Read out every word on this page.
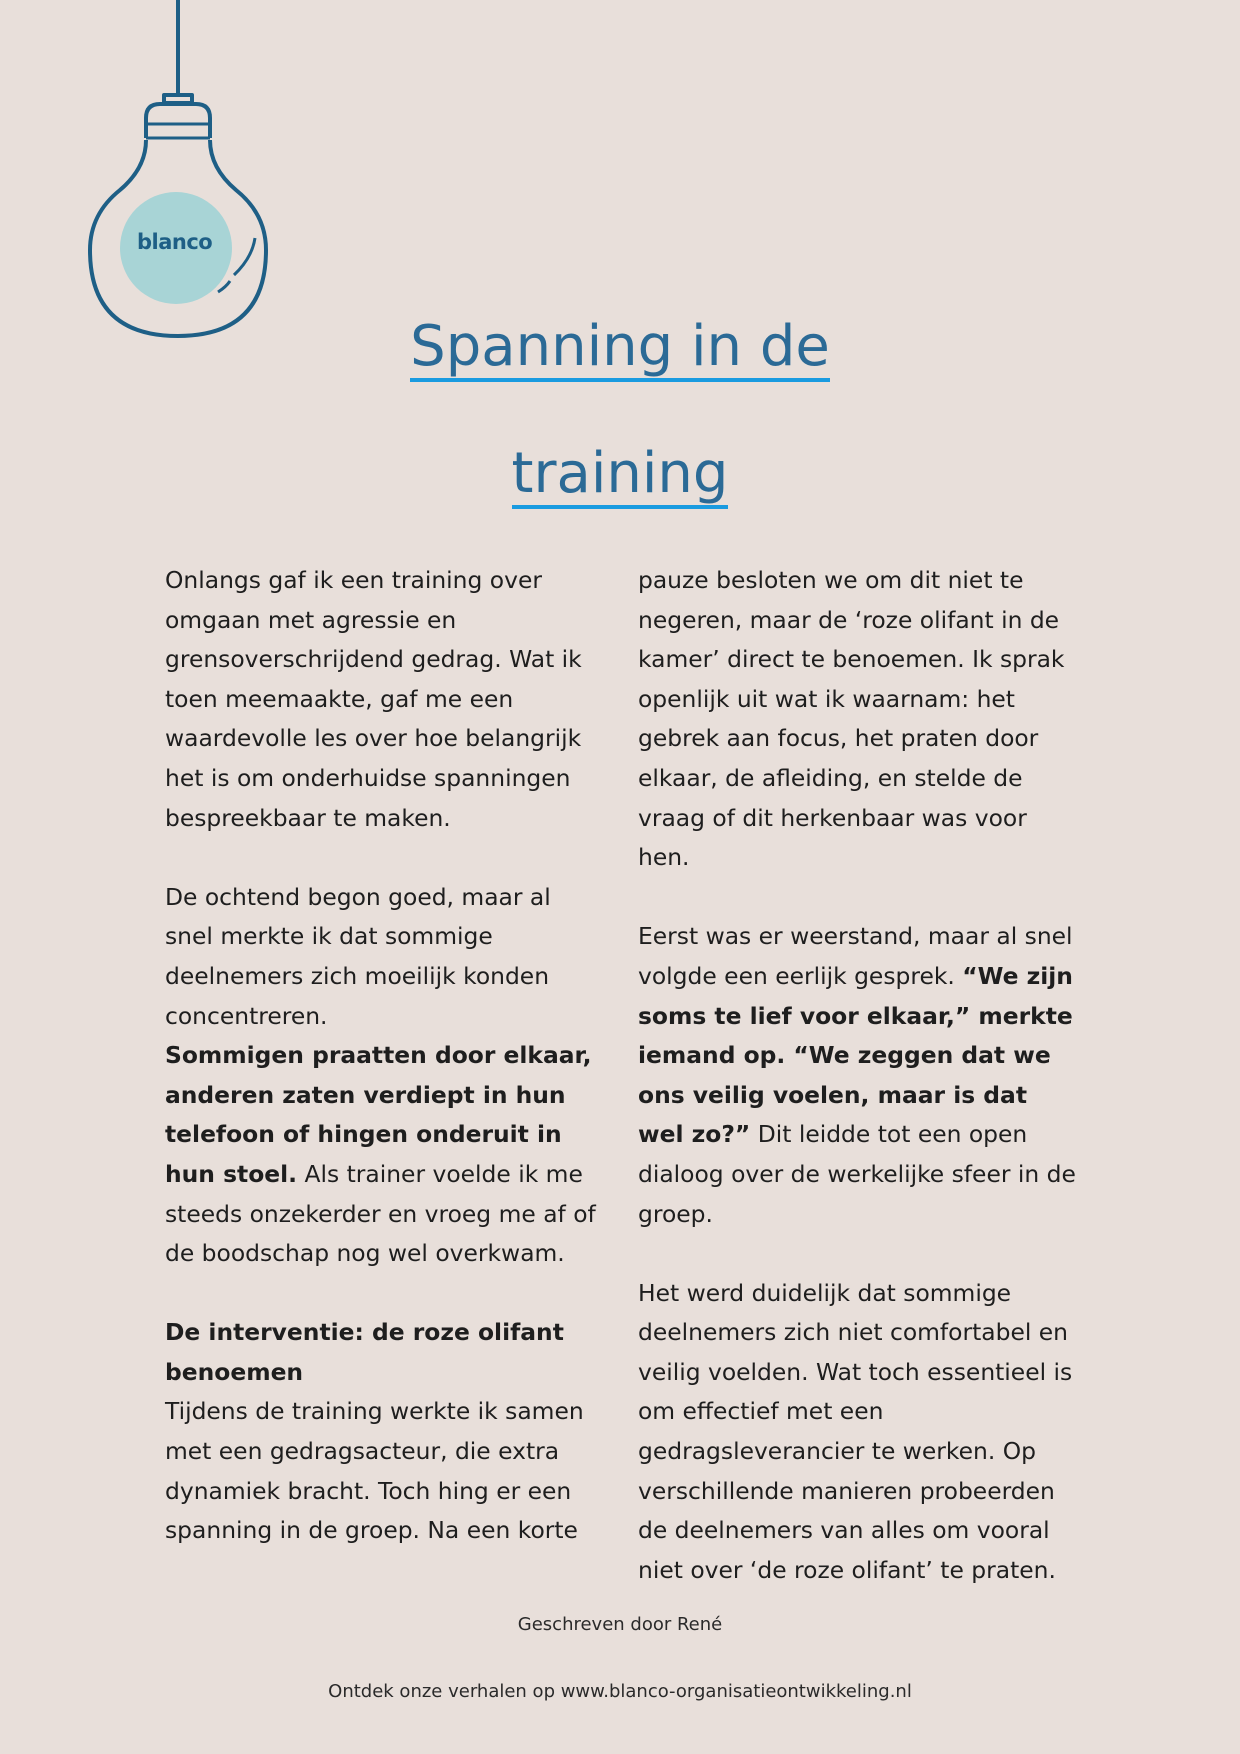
blanco
Spanning in de
training

Onlangs gaf ik een training over omgaan met agressie en grensoverschrijdend gedrag. Wat ik toen meemaakte, gaf me een waardevolle les over hoe belangrijk het is om onderhuidse spanningen bespreekbaar te maken.

De ochtend begon goed, maar al snel merkte ik dat sommige deelnemers zich moeilijk konden concentreren.
Sommigen praatten door elkaar, anderen zaten verdiept in hun telefoon of hingen onderuit in hun stoel. Als trainer voelde ik me steeds onzekerder en vroeg me af of de boodschap nog wel overkwam.

De interventie: de roze olifant benoemen

Tijdens de training werkte ik samen met een gedragsacteur, die extra dynamiek bracht. Toch hing er een spanning in de groep. Na een korte

pauze besloten we om dit niet te negeren, maar de ‘roze olifant in de kamer’ direct te benoemen. Ik sprak openlijk uit wat ik waarnam: het gebrek aan focus, het praten door elkaar, de afleiding, en stelde de vraag of dit herkenbaar was voor hen.

Eerst was er weerstand, maar al snel volgde een eerlijk gesprek. “We zijn soms te lief voor elkaar,” merkte iemand op. “We zeggen dat we ons veilig voelen, maar is dat wel zo?” Dit leidde tot een open dialoog over de werkelijke sfeer in de groep.

Het werd duidelijk dat sommige deelnemers zich niet comfortabel en veilig voelden. Wat toch essentieel is om effectief met een gedragsleverancier te werken. Op verschillende manieren probeerden de deelnemers van alles om vooral niet over ‘de roze olifant’ te praten.

Geschreven door René
Ontdek onze verhalen op www.blanco-organisatieontwikkeling.nl
